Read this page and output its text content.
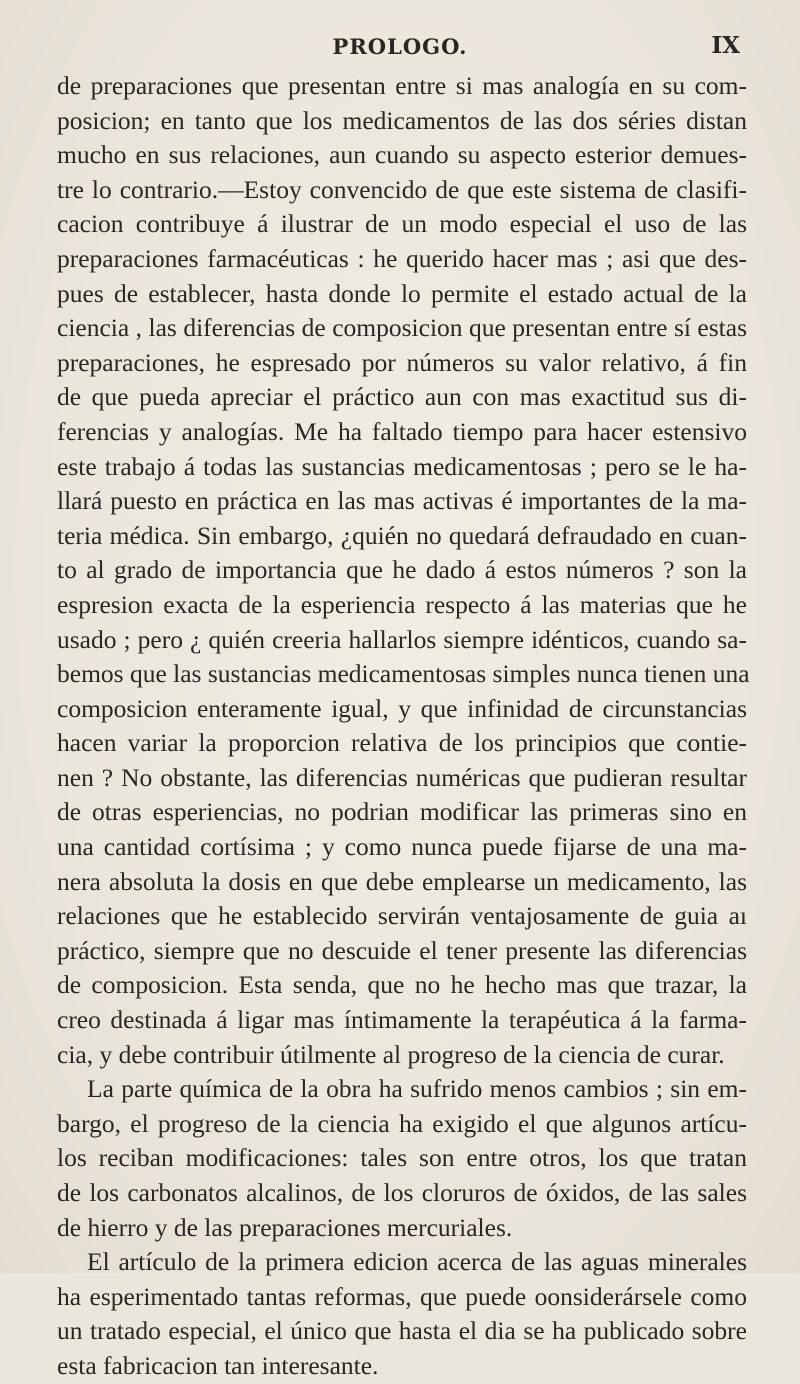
PROLOGO.	IX
de preparaciones que presentan entre si mas analogía en su com-
posicion; en tanto que los medicamentos de las dos séries distan
mucho en sus relaciones, aun cuando su aspecto esterior demues-
tre lo contrario.—Estoy convencido de que este sistema de clasifi-
cacion contribuye á ilustrar de un modo especial el uso de las
preparaciones farmacéuticas : he querido hacer mas ; asi que des-
pues de establecer, hasta donde lo permite el estado actual de la
ciencia , las diferencias de composicion que presentan entre sí estas
preparaciones, he espresado por números su valor relativo, á fin
de que pueda apreciar el práctico aun con mas exactitud sus di-
ferencias y analogías. Me ha faltado tiempo para hacer estensivo
este trabajo á todas las sustancias medicamentosas ; pero se le ha-
llará puesto en práctica en las mas activas é importantes de la ma-
teria médica. Sin embargo, ¿quién no quedará defraudado en cuan-
to al grado de importancia que he dado á estos números ? son la
espresion exacta de la esperiencia respecto á las materias que he
usado ; pero ¿ quién creeria hallarlos siempre idénticos, cuando sa-
bemos que las sustancias medicamentosas simples nunca tienen una
composicion enteramente igual, y que infinidad de circunstancias
hacen variar la proporcion relativa de los principios que contie-
nen ? No obstante, las diferencias numéricas que pudieran resultar
de otras esperiencias, no podrian modificar las primeras sino en
una cantidad cortísima ; y como nunca puede fijarse de una ma-
nera absoluta la dosis en que debe emplearse un medicamento, las
relaciones que he establecido servirán ventajosamente de guia aı
práctico, siempre que no descuide el tener presente las diferencias
de composicion. Esta senda, que no he hecho mas que trazar, la
creo destinada á ligar mas íntimamente la terapéutica á la farma-
cia, y debe contribuir útilmente al progreso de la ciencia de curar.
La parte química de la obra ha sufrido menos cambios ; sin em-
bargo, el progreso de la ciencia ha exigido el que algunos artícu-
los reciban modificaciones: tales son entre otros, los que tratan
de los carbonatos alcalinos, de los cloruros de óxidos, de las sales
de hierro y de las preparaciones mercuriales.
El artículo de la primera edicion acerca de las aguas minerales
ha esperimentado tantas reformas, que puede oonsiderársele como
un tratado especial, el único que hasta el dia se ha publicado sobre
esta fabricacion tan interesante.
